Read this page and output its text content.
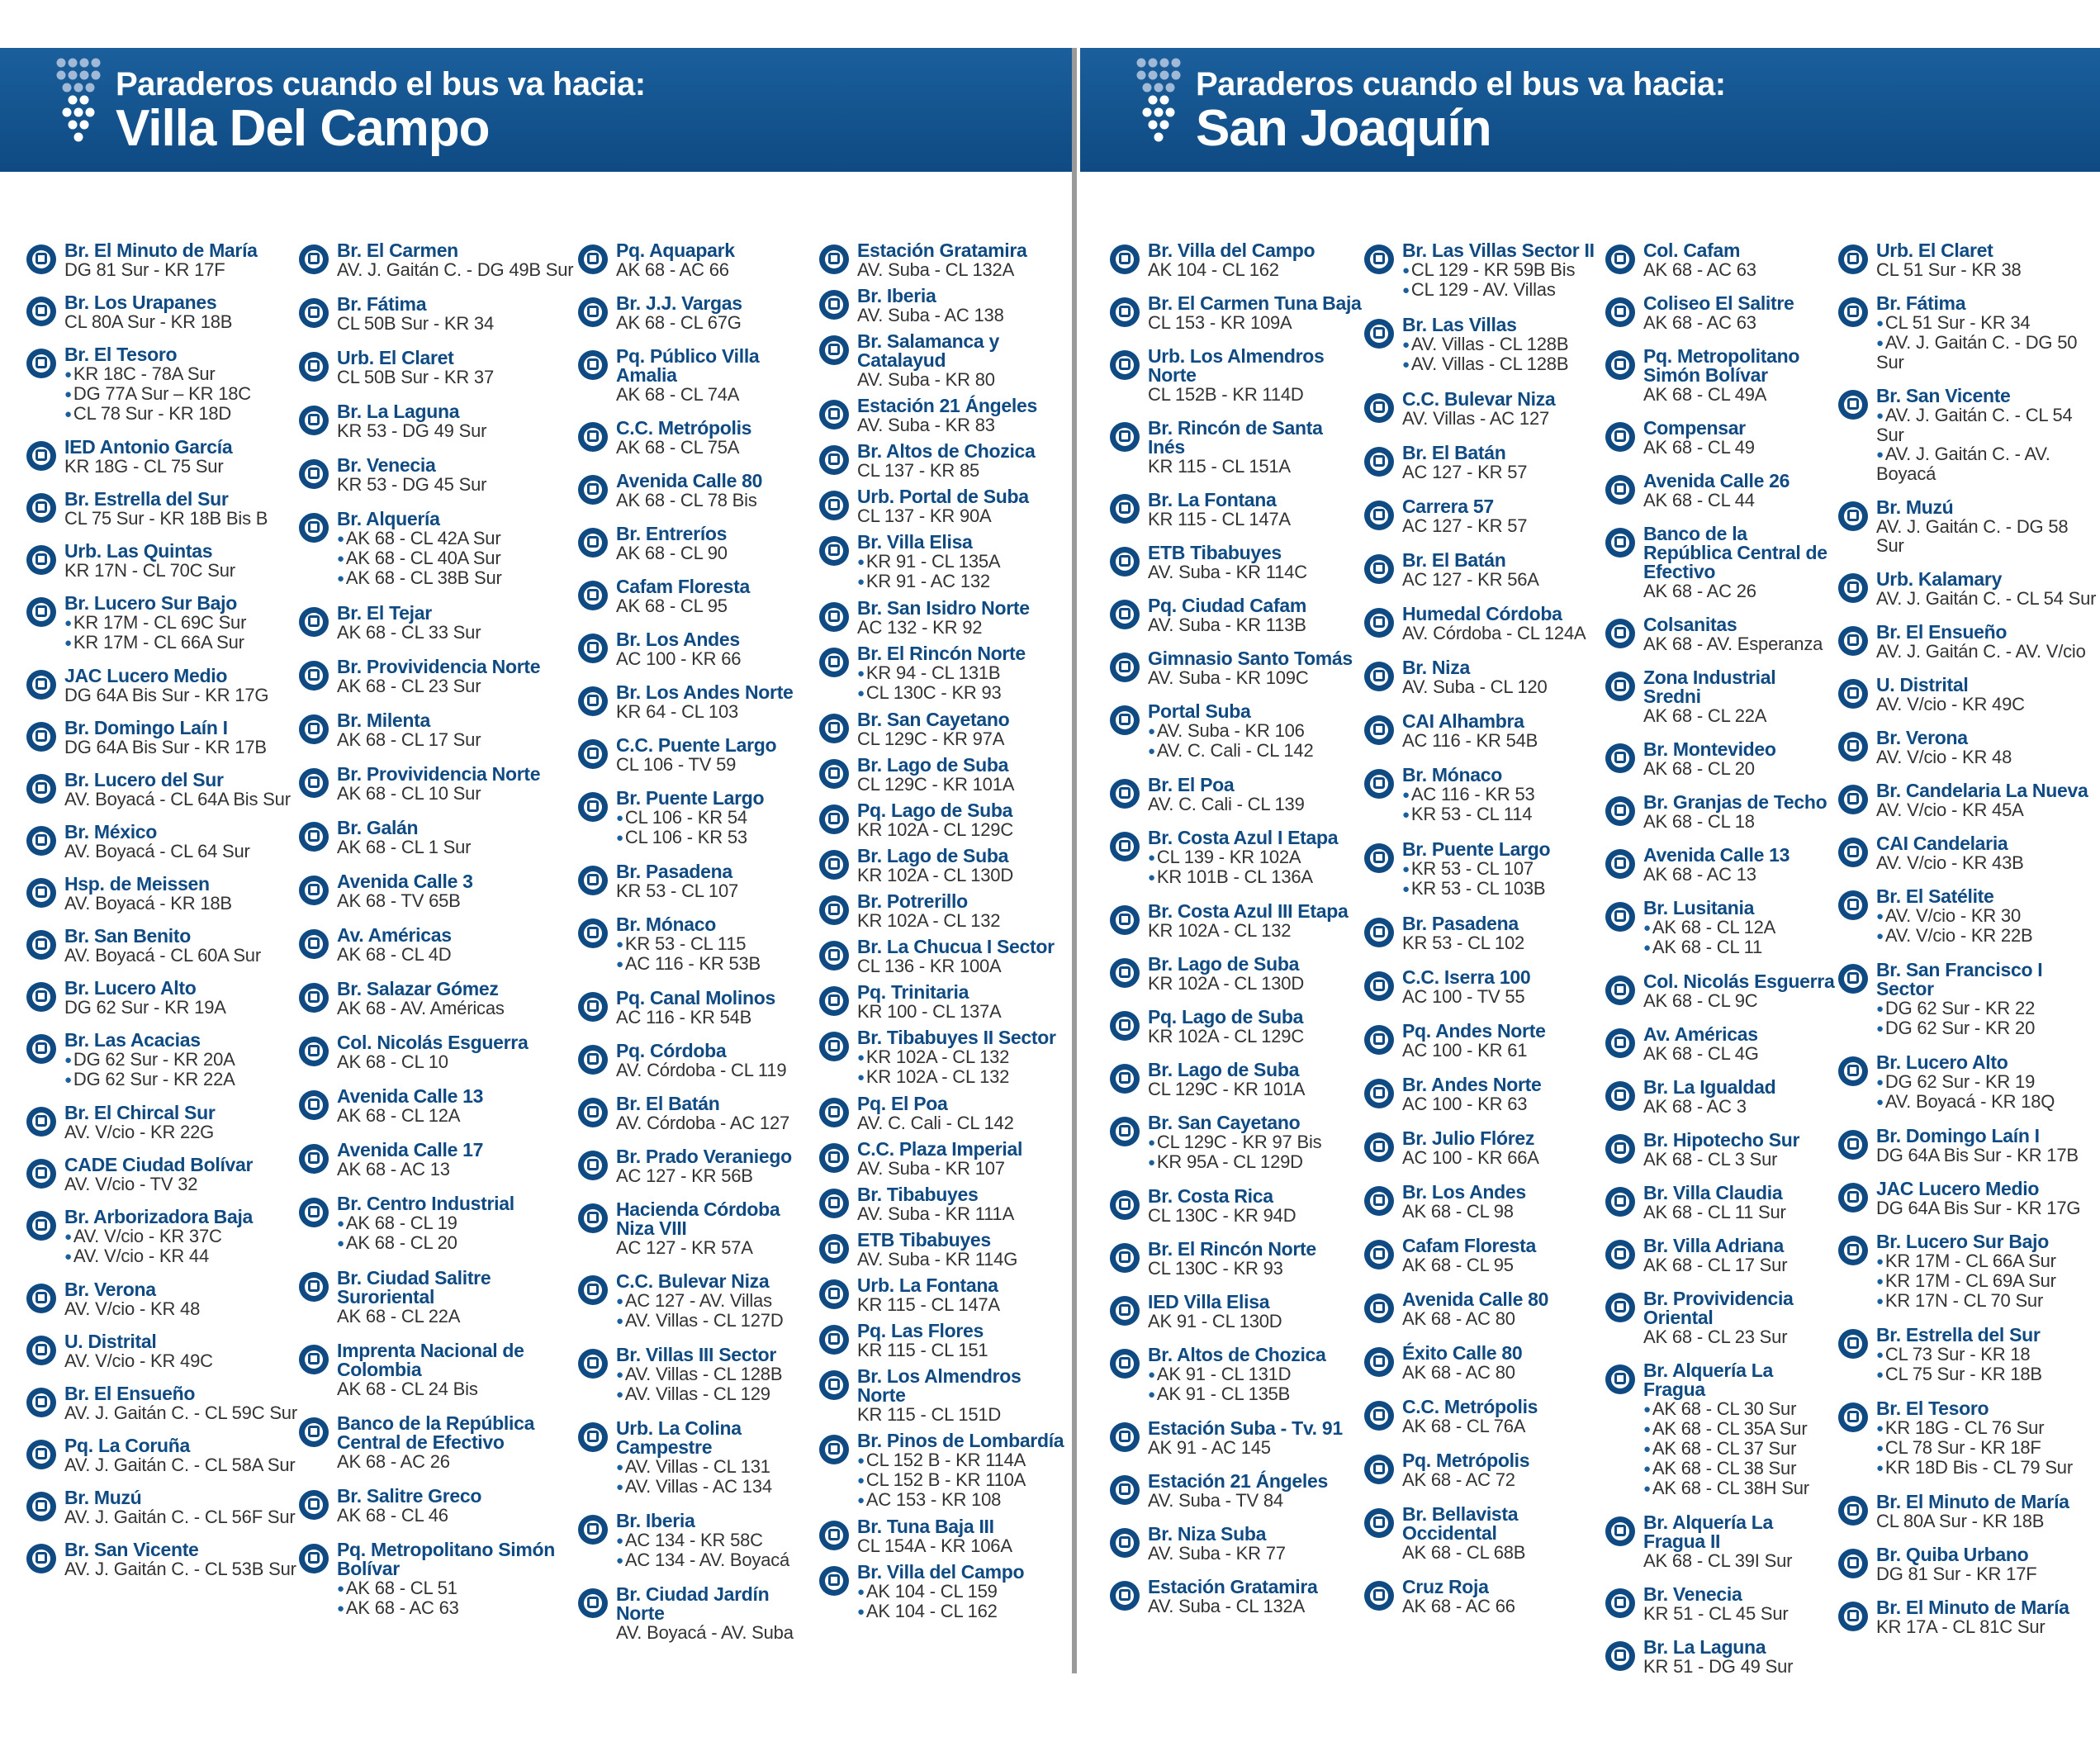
Paraderos cuando el bus va hacia:
Villa Del Campo
Br. El Minuto de María
DG 81 Sur - KR 17F
Br. Los Urapanes
CL 80A Sur - KR 18B
Br. El Tesoro
● KR 18C - 78A Sur
● DG 77A Sur – KR 18C
● CL 78 Sur - KR 18D
IED Antonio García
KR 18G - CL 75 Sur
Br. Estrella del Sur
CL 75 Sur - KR 18B Bis B
Urb. Las Quintas
KR 17N - CL 70C Sur
Br. Lucero Sur Bajo
● KR 17M - CL 69C Sur
● KR 17M - CL 66A Sur
JAC Lucero Medio
DG 64A Bis Sur - KR 17G
Br. Domingo Laín I
DG 64A Bis Sur - KR 17B
Br. Lucero del Sur
AV. Boyacá - CL 64A Bis Sur
Br. México
AV. Boyacá - CL 64 Sur
Hsp. de Meissen
AV. Boyacá - KR 18B
Br. San Benito
AV. Boyacá - CL 60A Sur
Br. Lucero Alto
DG 62 Sur - KR 19A
Br. Las Acacias
● DG 62 Sur - KR 20A
● DG 62 Sur - KR 22A
Br. El Chircal Sur
AV. V/cio - KR 22G
CADE Ciudad Bolívar
AV. V/cio - TV 32
Br. Arborizadora Baja
● AV. V/cio - KR 37C
● AV. V/cio - KR 44
Br. Verona
AV. V/cio - KR 48
U. Distrital
AV. V/cio - KR 49C
Br. El Ensueño
AV. J. Gaitán C. - CL 59C Sur
Pq. La Coruña
AV. J. Gaitán C. - CL 58A Sur
Br. Muzú
AV. J. Gaitán C. - CL 56F Sur
Br. San Vicente
AV. J. Gaitán C. - CL 53B Sur
Br. El Carmen
AV. J. Gaitán C. - DG 49B Sur
Br. Fátima
CL 50B Sur - KR 34
Urb. El Claret
CL 50B Sur - KR 37
Br. La Laguna
KR 53 - DG 49 Sur
Br. Venecia
KR 53 - DG 45 Sur
Br. Alquería
● AK 68 - CL 42A Sur
● AK 68 - CL 40A Sur
● AK 68 - CL 38B Sur
Br. El Tejar
AK 68 - CL 33 Sur
Br. Provividencia Norte
AK 68 - CL 23 Sur
Br. Milenta
AK 68 - CL 17 Sur
Br. Provividencia Norte
AK 68 - CL 10 Sur
Br. Galán
AK 68 - CL 1 Sur
Avenida Calle 3
AK 68 - TV 65B
Av. Américas
AK 68 - CL 4D
Br. Salazar Gómez
AK 68 - AV. Américas
Col. Nicolás Esguerra
AK 68 - CL 10
Avenida Calle 13
AK 68 - CL 12A
Avenida Calle 17
AK 68 - AC 13
Br. Centro Industrial
● AK 68 - CL 19
● AK 68 - CL 20
Br. Ciudad Salitre Suroriental
AK 68 - CL 22A
Imprenta Nacional de Colombia
AK 68 - CL 24 Bis
Banco de la República Central de Efectivo
AK 68 - AC 26
Br. Salitre Greco
AK 68 - CL 46
Pq. Metropolitano Simón Bolívar
● AK 68 - CL 51
● AK 68 - AC 63
Pq. Aquapark
AK 68 - AC 66
Br. J.J. Vargas
AK 68 - CL 67G
Pq. Público Villa Amalia
AK 68 - CL 74A
C.C. Metrópolis
AK 68 - CL 75A
Avenida Calle 80
AK 68 - CL 78 Bis
Br. Entreríos
AK 68 - CL 90
Cafam Floresta
AK 68 - CL 95
Br. Los Andes
AC 100 - KR 66
Br. Los Andes Norte
KR 64 - CL 103
C.C. Puente Largo
CL 106 - TV 59
Br. Puente Largo
● CL 106 - KR 54
● CL 106 - KR 53
Br. Pasadena
KR 53 - CL 107
Br. Mónaco
● KR 53 - CL 115
● AC 116 - KR 53B
Pq. Canal Molinos
AC 116 - KR 54B
Pq. Córdoba
AV. Córdoba - CL 119
Br. El Batán
AV. Córdoba - AC 127
Br. Prado Veraniego
AC 127 - KR 56B
Hacienda Córdoba Niza VIII
AC 127 - KR 57A
C.C. Bulevar Niza
● AC 127 - AV. Villas
● AV. Villas - CL 127D
Br. Villas III Sector
● AV. Villas - CL 128B
● AV. Villas - CL 129
Urb. La Colina Campestre
● AV. Villas - CL 131
● AV. Villas - AC 134
Br. Iberia
● AC 134 - KR 58C
● AC 134 - AV. Boyacá
Br. Ciudad Jardín Norte
AV. Boyacá - AV. Suba
Estación Gratamira
AV. Suba - CL 132A
Br. Iberia
AV. Suba - AC 138
Br. Salamanca y Catalayud
AV. Suba - KR 80
Estación 21 Ángeles
AV. Suba - KR 83
Br. Altos de Chozica
CL 137 - KR 85
Urb. Portal de Suba
CL 137 - KR 90A
Br. Villa Elisa
● KR 91 - CL 135A
● KR 91 - AC 132
Br. San Isidro Norte
AC 132 - KR 92
Br. El Rincón Norte
● KR 94 - CL 131B
● CL 130C - KR 93
Br. San Cayetano
CL 129C - KR 97A
Br. Lago de Suba
CL 129C - KR 101A
Pq. Lago de Suba
KR 102A - CL 129C
Br. Lago de Suba
KR 102A - CL 130D
Br. Potrerillo
KR 102A - CL 132
Br. La Chucua I Sector
CL 136 - KR 100A
Pq. Trinitaria
KR 100 - CL 137A
Br. Tibabuyes II Sector
● KR 102A - CL 132
● KR 102A - CL 132
Pq. El Poa
AV. C. Cali - CL 142
C.C. Plaza Imperial
AV. Suba - KR 107
Br. Tibabuyes
AV. Suba - KR 111A
ETB Tibabuyes
AV. Suba - KR 114G
Urb. La Fontana
KR 115 - CL 147A
Pq. Las Flores
KR 115 - CL 151
Br. Los Almendros Norte
KR 115 - CL 151D
Br. Pinos de Lombardía
● CL 152 B - KR 114A
● CL 152 B - KR 110A
● AC 153 - KR 108
Br. Tuna Baja III
CL 154A - KR 106A
Br. Villa del Campo
● AK 104 - CL 159
● AK 104 - CL 162
Paraderos cuando el bus va hacia:
San Joaquín
Br. Villa del Campo
AK 104 - CL 162
Br. El Carmen Tuna Baja
CL 153 - KR 109A
Urb. Los Almendros Norte
CL 152B - KR 114D
Br. Rincón de Santa Inés
KR 115 - CL 151A
Br. La Fontana
KR 115 - CL 147A
ETB Tibabuyes
AV. Suba - KR 114C
Pq. Ciudad Cafam
AV. Suba - KR 113B
Gimnasio Santo Tomás
AV. Suba - KR 109C
Portal Suba
● AV. Suba - KR 106
● AV. C. Cali - CL 142
Br. El Poa
AV. C. Cali - CL 139
Br. Costa Azul I Etapa
● CL 139 - KR 102A
● KR 101B - CL 136A
Br. Costa Azul III Etapa
KR 102A - CL 132
Br. Lago de Suba
KR 102A - CL 130D
Pq. Lago de Suba
KR 102A - CL 129C
Br. Lago de Suba
CL 129C - KR 101A
Br. San Cayetano
● CL 129C - KR 97 Bis
● KR 95A - CL 129D
Br. Costa Rica
CL 130C - KR 94D
Br. El Rincón Norte
CL 130C - KR 93
IED Villa Elisa
AK 91 - CL 130D
Br. Altos de Chozica
● AK 91 - CL 131D
● AK 91 - CL 135B
Estación Suba - Tv. 91
AK 91 - AC 145
Estación 21 Ángeles
AV. Suba - TV 84
Br. Niza Suba
AV. Suba - KR 77
Estación Gratamira
AV. Suba - CL 132A
Br. Las Villas Sector II
● CL 129 - KR 59B Bis
● CL 129 - AV. Villas
Br. Las Villas
● AV. Villas - CL 128B
● AV. Villas - CL 128B
C.C. Bulevar Niza
AV. Villas - AC 127
Br. El Batán
AC 127 - KR 57
Carrera 57
AC 127 - KR 57
Br. El Batán
AC 127 - KR 56A
Humedal Córdoba
AV. Córdoba - CL 124A
Br. Niza
AV. Suba - CL 120
CAI Alhambra
AC 116 - KR 54B
Br. Mónaco
● AC 116 - KR 53
● KR 53 - CL 114
Br. Puente Largo
● KR 53 - CL 107
● KR 53 - CL 103B
Br. Pasadena
KR 53 - CL 102
C.C. Iserra 100
AC 100 - TV 55
Pq. Andes Norte
AC 100 - KR 61
Br. Andes Norte
AC 100 - KR 63
Br. Julio Flórez
AC 100 - KR 66A
Br. Los Andes
AK 68 - CL 98
Cafam Floresta
AK 68 - CL 95
Avenida Calle 80
AK 68 - AC 80
Éxito Calle 80
AK 68 - AC 80
C.C. Metrópolis
AK 68 - CL 76A
Pq. Metrópolis
AK 68 - AC 72
Br. Bellavista Occidental
AK 68 - CL 68B
Cruz Roja
AK 68 - AC 66
Col. Cafam
AK 68 - AC 63
Coliseo El Salitre
AK 68 - AC 63
Pq. Metropolitano Simón Bolívar
AK 68 - CL 49A
Compensar
AK 68 - CL 49
Avenida Calle 26
AK 68 - CL 44
Banco de la República Central de Efectivo
AK 68 - AC 26
Colsanitas
AK 68 - AV. Esperanza
Zona Industrial Sredni
AK 68 - CL 22A
Br. Montevideo
AK 68 - CL 20
Br. Granjas de Techo
AK 68 - CL 18
Avenida Calle 13
AK 68 - AC 13
Br. Lusitania
● AK 68 - CL 12A
● AK 68 - CL 11
Col. Nicolás Esguerra
AK 68 - CL 9C
Av. Américas
AK 68 - CL 4G
Br. La Igualdad
AK 68 - AC 3
Br. Hipotecho Sur
AK 68 - CL 3 Sur
Br. Villa Claudia
AK 68 - CL 11 Sur
Br. Villa Adriana
AK 68 - CL 17 Sur
Br. Provividencia Oriental
AK 68 - CL 23 Sur
Br. Alquería La Fragua
● AK 68 - CL 30 Sur
● AK 68 - CL 35A Sur
● AK 68 - CL 37 Sur
● AK 68 - CL 38 Sur
● AK 68 - CL 38H Sur
Br. Alquería La Fragua II
AK 68 - CL 39I Sur
Br. Venecia
KR 51 - CL 45 Sur
Br. La Laguna
KR 51 - DG 49 Sur
Urb. El Claret
CL 51 Sur - KR 38
Br. Fátima
● CL 51 Sur - KR 34
● AV. J. Gaitán C. - DG 50 Sur
Br. San Vicente
● AV. J. Gaitán C. - CL 54 Sur
● AV. J. Gaitán C. - AV. Boyacá
Br. Muzú
AV. J. Gaitán C. - DG 58 Sur
Urb. Kalamary
AV. J. Gaitán C. - CL 54 Sur
Br. El Ensueño
AV. J. Gaitán C. - AV. V/cio
U. Distrital
AV. V/cio - KR 49C
Br. Verona
AV. V/cio - KR 48
Br. Candelaria La Nueva
AV. V/cio - KR 45A
CAI Candelaria
AV. V/cio - KR 43B
Br. El Satélite
● AV. V/cio - KR 30
● AV. V/cio - KR 22B
Br. San Francisco I Sector
● DG 62 Sur - KR 22
● DG 62 Sur - KR 20
Br. Lucero Alto
● DG 62 Sur - KR 19
● AV. Boyacá - KR 18Q
Br. Domingo Laín I
DG 64A Bis Sur - KR 17B
JAC Lucero Medio
DG 64A Bis Sur - KR 17G
Br. Lucero Sur Bajo
● KR 17M - CL 66A Sur
● KR 17M - CL 69A Sur
● KR 17N - CL 70 Sur
Br. Estrella del Sur
● CL 73 Sur - KR 18
● CL 75 Sur - KR 18B
Br. El Tesoro
● KR 18G - CL 76 Sur
● CL 78 Sur - KR 18F
● KR 18D Bis - CL 79 Sur
Br. El Minuto de María
CL 80A Sur - KR 18B
Br. Quiba Urbano
DG 81 Sur - KR 17F
Br. El Minuto de María
KR 17A - CL 81C Sur
